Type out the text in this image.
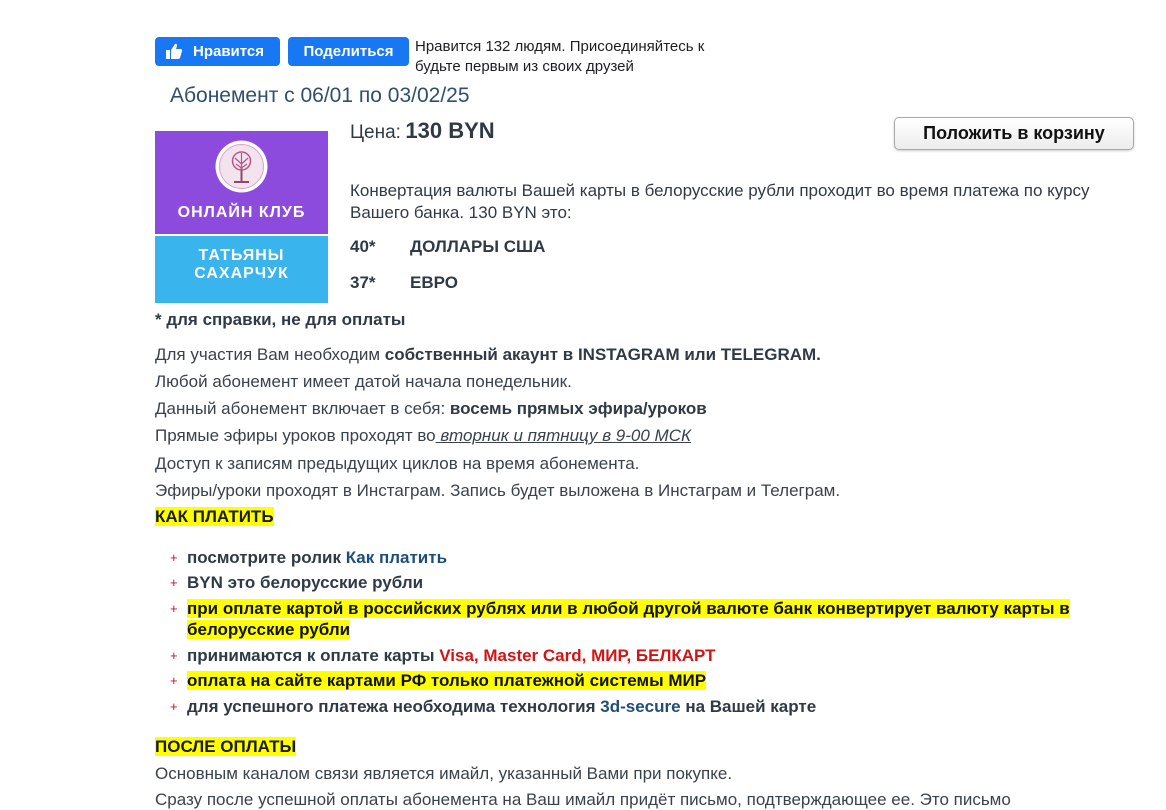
Нравится	Поделиться Нравится 132 людям. Присоединяйтесь к
будьте первым из своих друзей
Абонемент с 06/01 по 03/02/25
ОНЛАЙН КЛУБ
ТАТЬЯНЫ
САХАРЧУК
Цена: 130 BYN	Положить в корзину
Конвертация валюты Вашей карты в белорусские рубли проходит во время платежа по курсу Вашего банка. 130 BYN это:
40* ДОЛЛАРЫ США
37* ЕВРО
* для справки, не для оплаты
Для участия Вам необходим собственный акаунт в INSTAGRAM или TELEGRAM.
Любой абонемент имеет датой начала понедельник.
Данный абонемент включает в себя: восемь прямых эфира/уроков
Прямые эфиры уроков проходят во вторник и пятницу в 9-00 МСК
Доступ к записям предыдущих циклов на время абонемента.
Эфиры/уроки проходят в Инстаграм. Запись будет выложена в Инстаграм и Телеграм.
КАК ПЛАТИТЬ
+ посмотрите ролик Как платить
+ BYN это белорусские рубли
+ при оплате картой в российских рублях или в любой другой валюте банк конвертирует валюту карты в белорусские рубли
+ принимаются к оплате карты Visa, Master Card, МИР, БЕЛКАРТ
+ оплата на сайте картами РФ только платежной системы МИР
+ для успешного платежа необходима технология 3d-secure на Вашей карте
ПОСЛЕ ОПЛАТЫ
Основным каналом связи является имайл, указанный Вами при покупке.
Сразу после успешной оплаты абонемента на Ваш имайл придёт письмо, подтверждающее ее. Это письмо
